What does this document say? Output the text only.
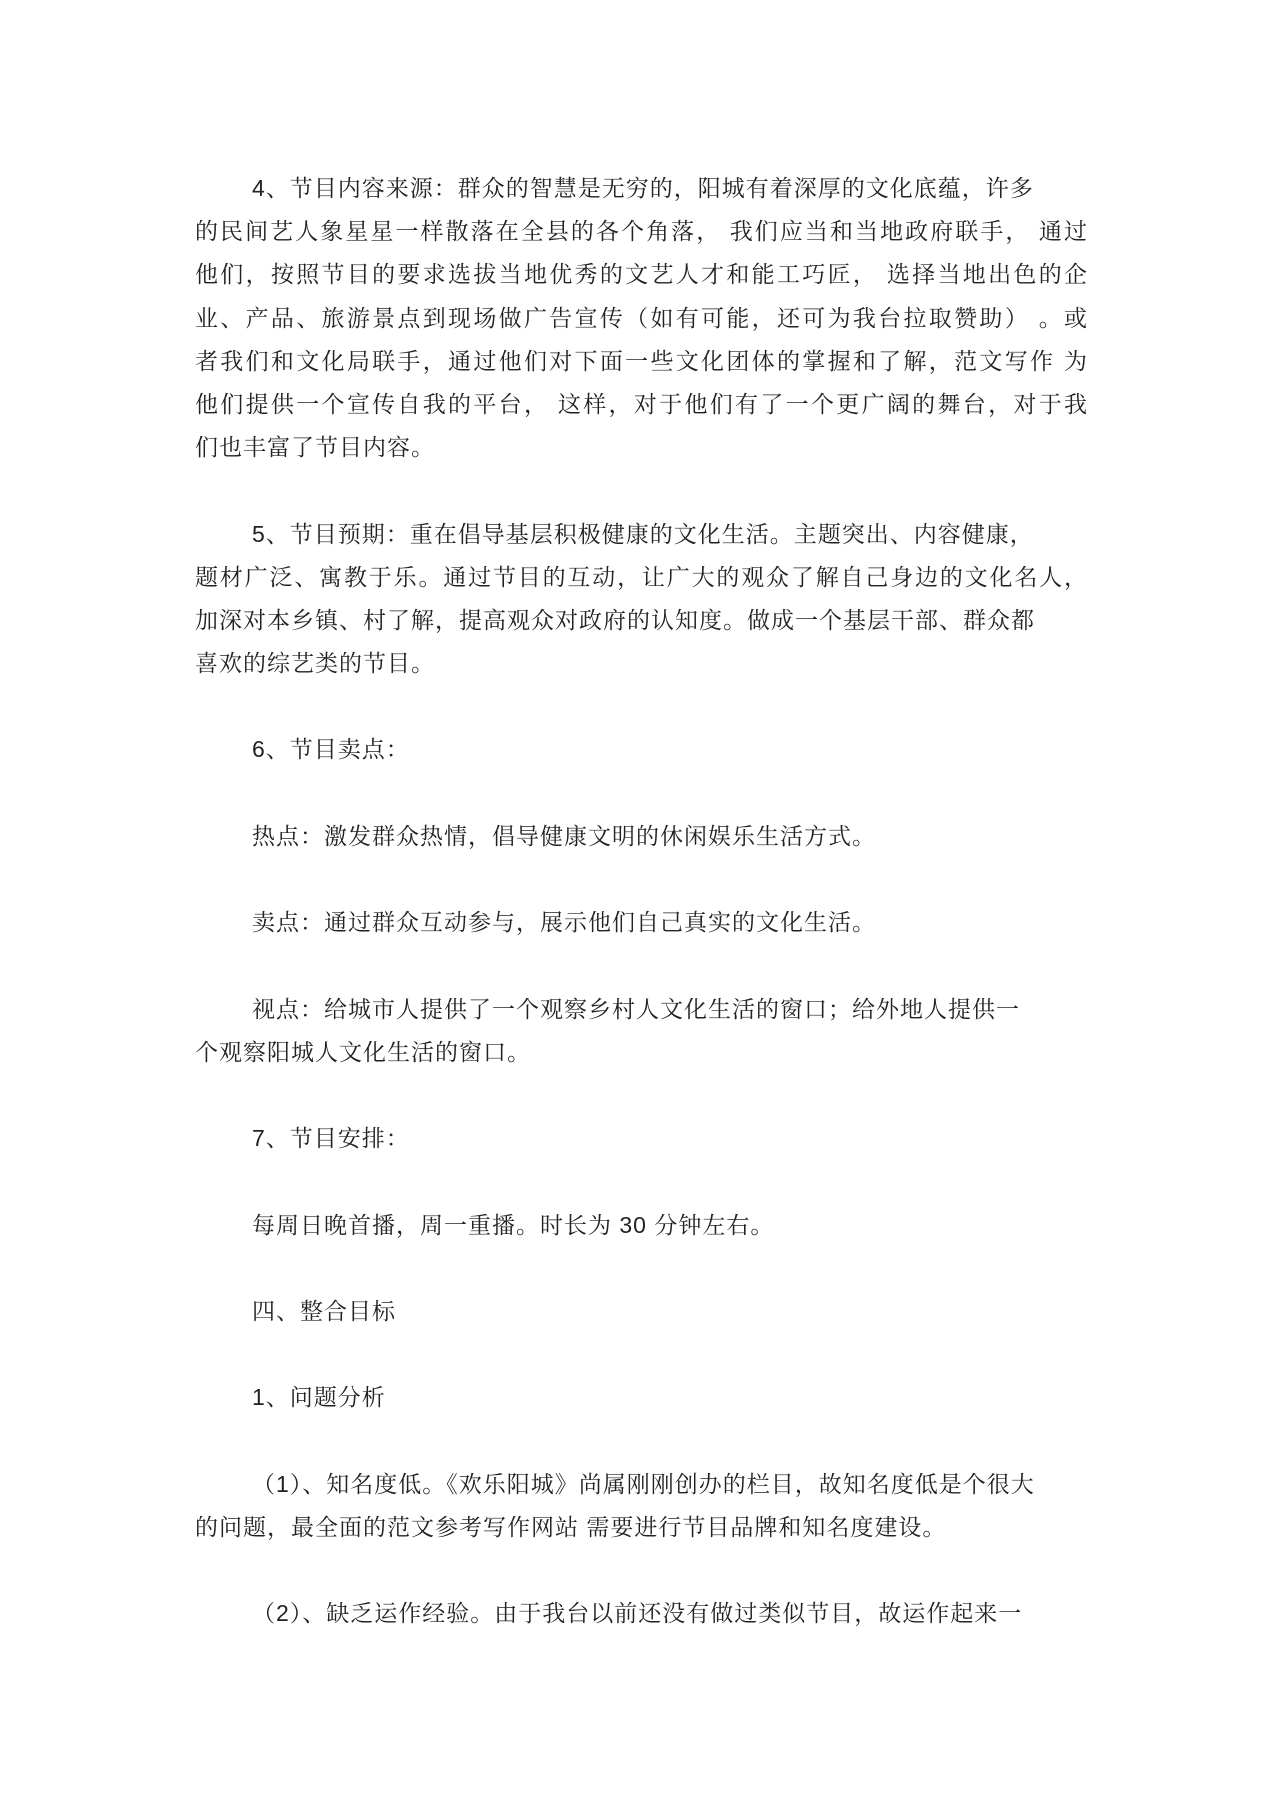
4、节目内容来源：群众的智慧是无穷的，阳城有着深厚的文化底蕴，许多
的民间艺人象星星一样散落在全县的各个角落， 我们应当和当地政府联手， 通过
他们，按照节目的要求选拔当地优秀的文艺人才和能工巧匠， 选择当地出色的企
业、产品、旅游景点到现场做广告宣传（如有可能，还可为我台拉取赞助） 。或
者我们和文化局联手，通过他们对下面一些文化团体的掌握和了解，范文写作 为
他们提供一个宣传自我的平台， 这样，对于他们有了一个更广阔的舞台，对于我
们也丰富了节目内容。
5、节目预期：重在倡导基层积极健康的文化生活。主题突出、内容健康，
题材广泛、寓教于乐。通过节目的互动，让广大的观众了解自己身边的文化名人，
加深对本乡镇、村了解，提高观众对政府的认知度。做成一个基层干部、群众都
喜欢的综艺类的节目。
6、节目卖点：
热点：激发群众热情，倡导健康文明的休闲娱乐生活方式。
卖点：通过群众互动参与，展示他们自己真实的文化生活。
视点：给城市人提供了一个观察乡村人文化生活的窗口；给外地人提供一
个观察阳城人文化生活的窗口。
7、节目安排：
每周日晚首播，周一重播。时长为 30 分钟左右。
四、整合目标
1、问题分析
（1）、知名度低。《欢乐阳城》尚属刚刚创办的栏目，故知名度低是个很大
的问题，最全面的范文参考写作网站 需要进行节目品牌和知名度建设。
（2）、缺乏运作经验。由于我台以前还没有做过类似节目，故运作起来一
